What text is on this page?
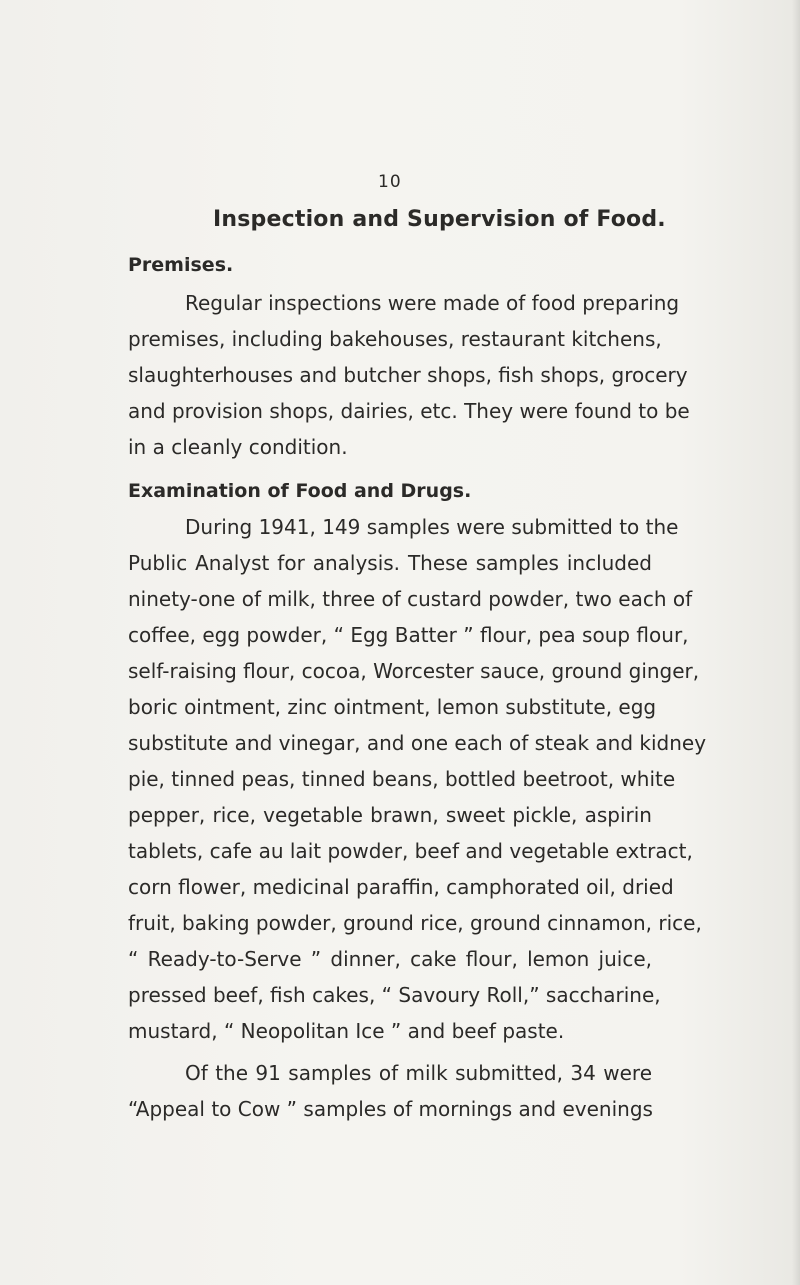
10
Inspection and Supervision of Food.
Premises.
Regular inspections were made of food preparing
premises, including bakehouses, restaurant kitchens,
slaughterhouses and butcher shops, fish shops, grocery
and provision shops, dairies, etc. They were found to be
in a cleanly condition.
Examination of Food and Drugs.
During 1941, 149 samples were submitted to the
Public Analyst for analysis. These samples included
ninety-one of milk, three of custard powder, two each of
coffee, egg powder, “ Egg Batter ” flour, pea soup flour,
self-raising flour, cocoa, Worcester sauce, ground ginger,
boric ointment, zinc ointment, lemon substitute, egg
substitute and vinegar, and one each of steak and kidney
pie, tinned peas, tinned beans, bottled beetroot, white
pepper, rice, vegetable brawn, sweet pickle, aspirin
tablets, cafe au lait powder, beef and vegetable extract,
corn flower, medicinal paraffin, camphorated oil, dried
fruit, baking powder, ground rice, ground cinnamon, rice,
“ Ready-to-Serve ” dinner, cake flour, lemon juice,
pressed beef, fish cakes, “ Savoury Roll,” saccharine,
mustard, “ Neopolitan Ice ” and beef paste.
Of the 91 samples of milk submitted, 34 were
“Appeal to Cow ” samples of mornings and evenings
